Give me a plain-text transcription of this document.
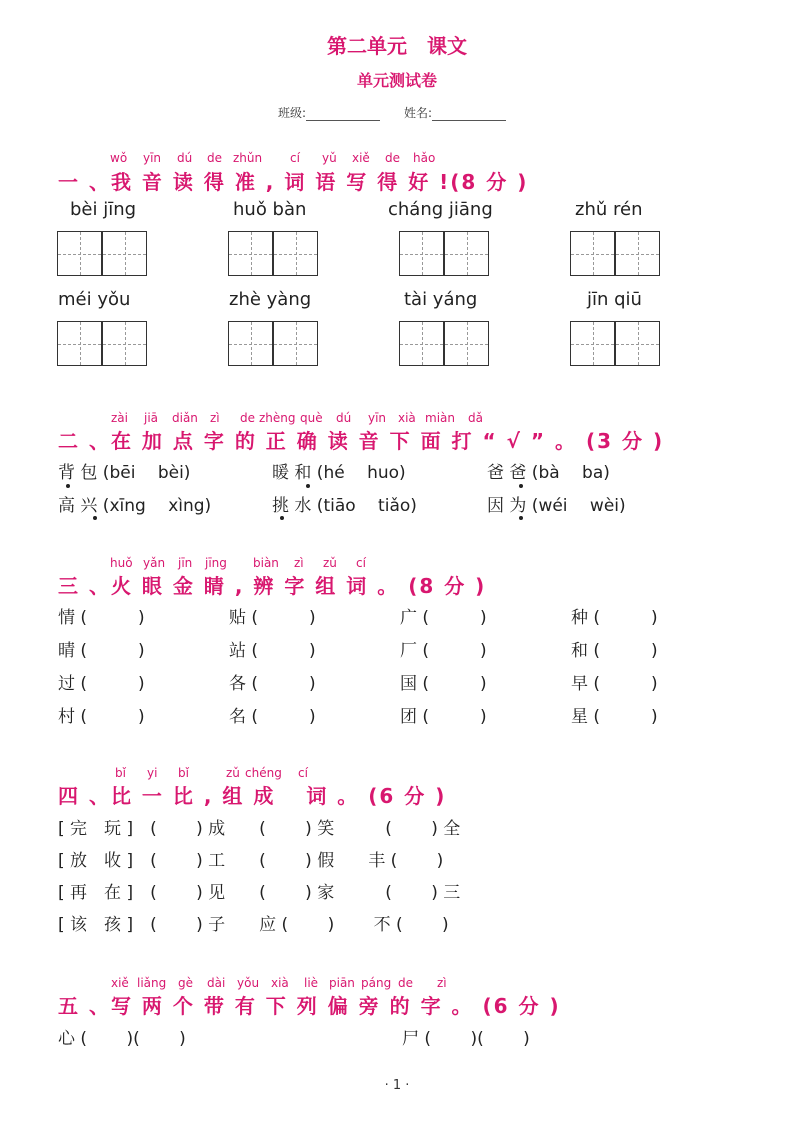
第二单元　课文
单元测试卷
班级:	姓名:
wǒ yīn dú de zhǔn cí yǔ xiě de hǎo
一 、我 音 读 得 准 , 词 语 写 得 好 !(8 分 )
bèi jīng	huǒ bàn	cháng jiāng	zhǔ rén
méi yǒu	zhè yàng	tài yáng	jīn qiū
zài jiā diǎn zì de zhèng què dú yīn xià miàn dǎ
二 、在 加 点 字 的 正 确 读 音 下 面 打 “ √ ” 。 (3 分 )
背 包 (bēi　 bèi)	暖 和 (hé　 huo)	爸 爸 (bà　 ba)
高 兴 (xīng　 xìng)	挑 水 (tiāo　 tiǎo)	因 为 (wéi　 wèi)
huǒ yǎn jīn jīng biàn zì zǔ cí
三 、火 眼 金 睛 , 辨 字 组 词 。 (8 分 )
情 (　　　)	贴 (　　　)	广 (　　　)	种 (　　　)
晴 (　　　)	站 (　　　)	厂 (　　　)	和 (　　　)
过 (　　　)	各 (　　　)	国 (　　　)	早 (　　　)
村 (　　　)	名 (　　　)	团 (　　　)	星 (　　　)
bǐ yi bǐ	zǔ chéng cí
四 、比 一 比 , 组 成 　词 。 (6 分 )
[ 完　玩 ]　(　　 ) 成　　(　　 ) 笑　　　(　　 ) 全
[ 放　收 ]　(　　 ) 工　　(　　 ) 假　　丰 (　　 )
[ 再　在 ]　(　　 ) 见　　(　　 ) 家　　　(　　 ) 三
[ 该　孩 ]　(　　 ) 子　　应 (　　 )　　 不 (　　 )
xiě liǎng gè dài yǒu xià liè piān páng de zì
五 、写 两 个 带 有 下 列 偏 旁 的 字 。 (6 分 )
心 (　　 )(　　 )	尸 (　　 )(　　 )
· 1 ·
